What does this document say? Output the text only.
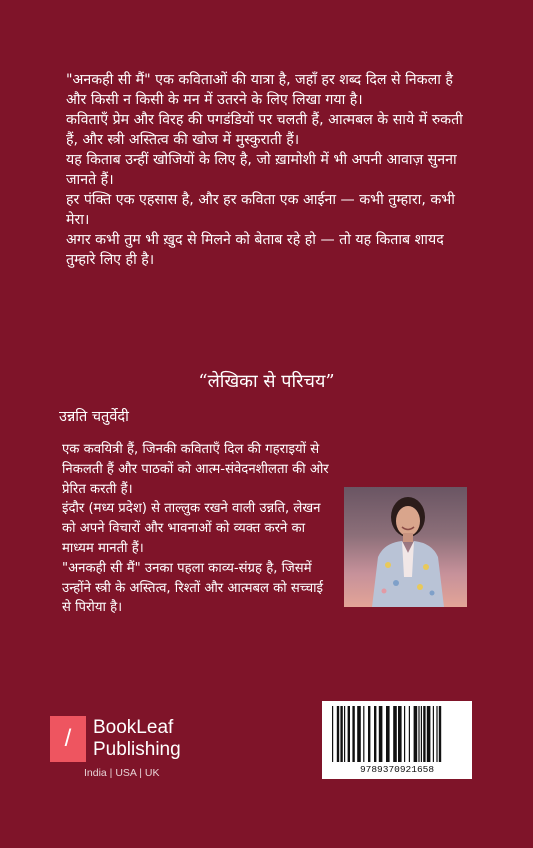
"अनकही सी मैं" एक कविताओं की यात्रा है, जहाँ हर शब्द दिल से निकला है और किसी न किसी के मन में उतरने के लिए लिखा गया है।

कविताएँ प्रेम और विरह की पगडंडियों पर चलती हैं, आत्मबल के साये में रुकती हैं, और स्त्री अस्तित्व की खोज में मुस्कुराती हैं।

यह किताब उन्हीं खोजियों के लिए है, जो ख़ामोशी में भी अपनी आवाज़ सुनना जानते हैं।

हर पंक्ति एक एहसास है, और हर कविता एक आईना — कभी तुम्हारा, कभी मेरा।

अगर कभी तुम भी ख़ुद से मिलने को बेताब रहे हो — तो यह किताब शायद तुम्हारे लिए ही है।

“लेखिका से परिचय”
उन्नति चतुर्वेदी

एक कवयित्री हैं, जिनकी कविताएँ दिल की गहराइयों से निकलती हैं और पाठकों को आत्म-संवेदनशीलता की ओर प्रेरित करती हैं।

इंदौर (मध्य प्रदेश) से ताल्लुक रखने वाली उन्नति, लेखन को अपने विचारों और भावनाओं को व्यक्त करने का माध्यम मानती हैं।

"अनकही सी मैं" उनका पहला काव्य-संग्रह है, जिसमें उन्होंने स्त्री के अस्तित्व, रिश्तों और आत्मबल को सच्चाई से पिरोया है।

/	BookLeaf
Publishing
India | USA | UK	9789370921658
